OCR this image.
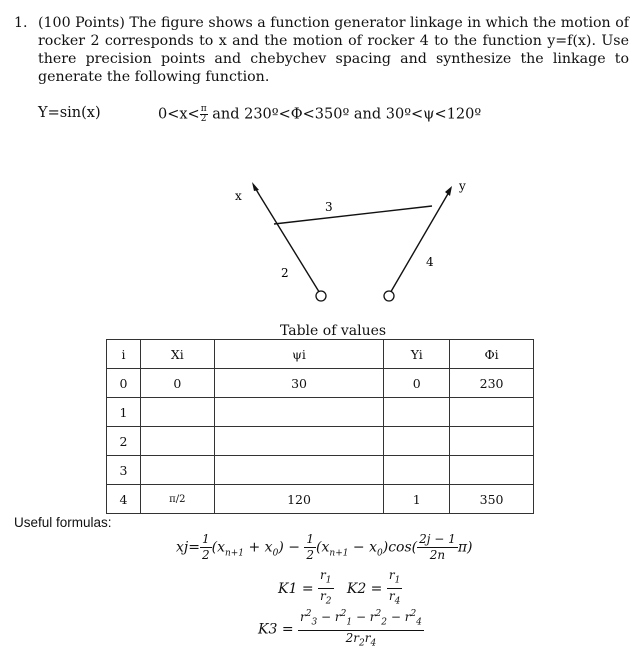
1. (100 Points) The figure shows a function generator linkage in which the motion of rocker 2 corresponds to x and the motion of rocker 4 to the function y=f(x). Use there precision points and chebychev spacing and synthesize the linkage to generate the following function.
Y=sin(x)	$0<x< \frac{\pi}{2}$ and 230º<Φ<350º and 30º<ψ<120º
x
y
3
2
4
Table of values
i	Xi	ψi	Yi	Φi
0	0	30	0	230
1				
2				
3				
4	π/2	120	1	350
Useful formulas:
$xj= \frac{1}{2} (x_{n+1} + x_0) - \frac{1}{2} (x_{n+1} - x_0)\cos( \frac{2j - 1}{2n} \pi)$
$K1 = \frac{r_1}{r_2} K2 = \frac{r_1}{r_4}$
$K3 = \frac{r^2_3 - r^2_1 - r^2_2 - r^2_4}{2r_2r_4}$
